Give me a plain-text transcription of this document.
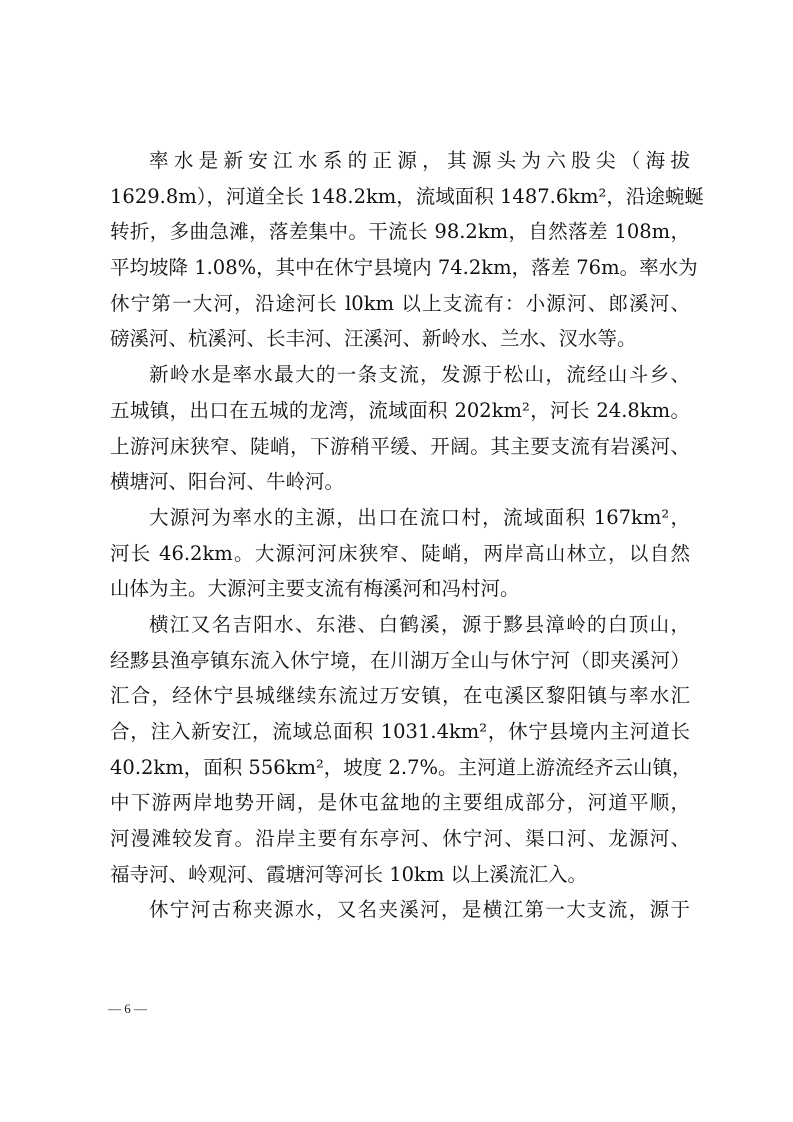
率水是新安江水系的正源，其源头为六股尖（海拔
1629.8m），河道全长 148.2km，流域面积 1487.6km²，沿途蜿蜒
转折，多曲急滩，落差集中。干流长 98.2km，自然落差 108m，
平均坡降 1.08%，其中在休宁县境内 74.2km，落差 76m。率水为
休宁第一大河，沿途河长 l0km 以上支流有：小源河、郎溪河、
磅溪河、杭溪河、长丰河、汪溪河、新岭水、兰水、汊水等。
新岭水是率水最大的一条支流，发源于松山，流经山斗乡、
五城镇，出口在五城的龙湾，流域面积 202km²，河长 24.8km。
上游河床狭窄、陡峭，下游稍平缓、开阔。其主要支流有岩溪河、
横塘河、阳台河、牛岭河。
大源河为率水的主源，出口在流口村，流域面积 167km²，
河长 46.2km。大源河河床狭窄、陡峭，两岸高山林立，以自然
山体为主。大源河主要支流有梅溪河和冯村河。
横江又名吉阳水、东港、白鹤溪，源于黟县漳岭的白顶山，
经黟县渔亭镇东流入休宁境，在川湖万全山与休宁河（即夹溪河）
汇合，经休宁县城继续东流过万安镇，在屯溪区黎阳镇与率水汇
合，注入新安江，流域总面积 1031.4km²，休宁县境内主河道长
40.2km，面积 556km²，坡度 2.7%。主河道上游流经齐云山镇，
中下游两岸地势开阔，是休屯盆地的主要组成部分，河道平顺，
河漫滩较发育。沿岸主要有东亭河、休宁河、渠口河、龙源河、
福寺河、岭观河、霞塘河等河长 10km 以上溪流汇入。
休宁河古称夹源水，又名夹溪河，是横江第一大支流，源于
— 6 —
